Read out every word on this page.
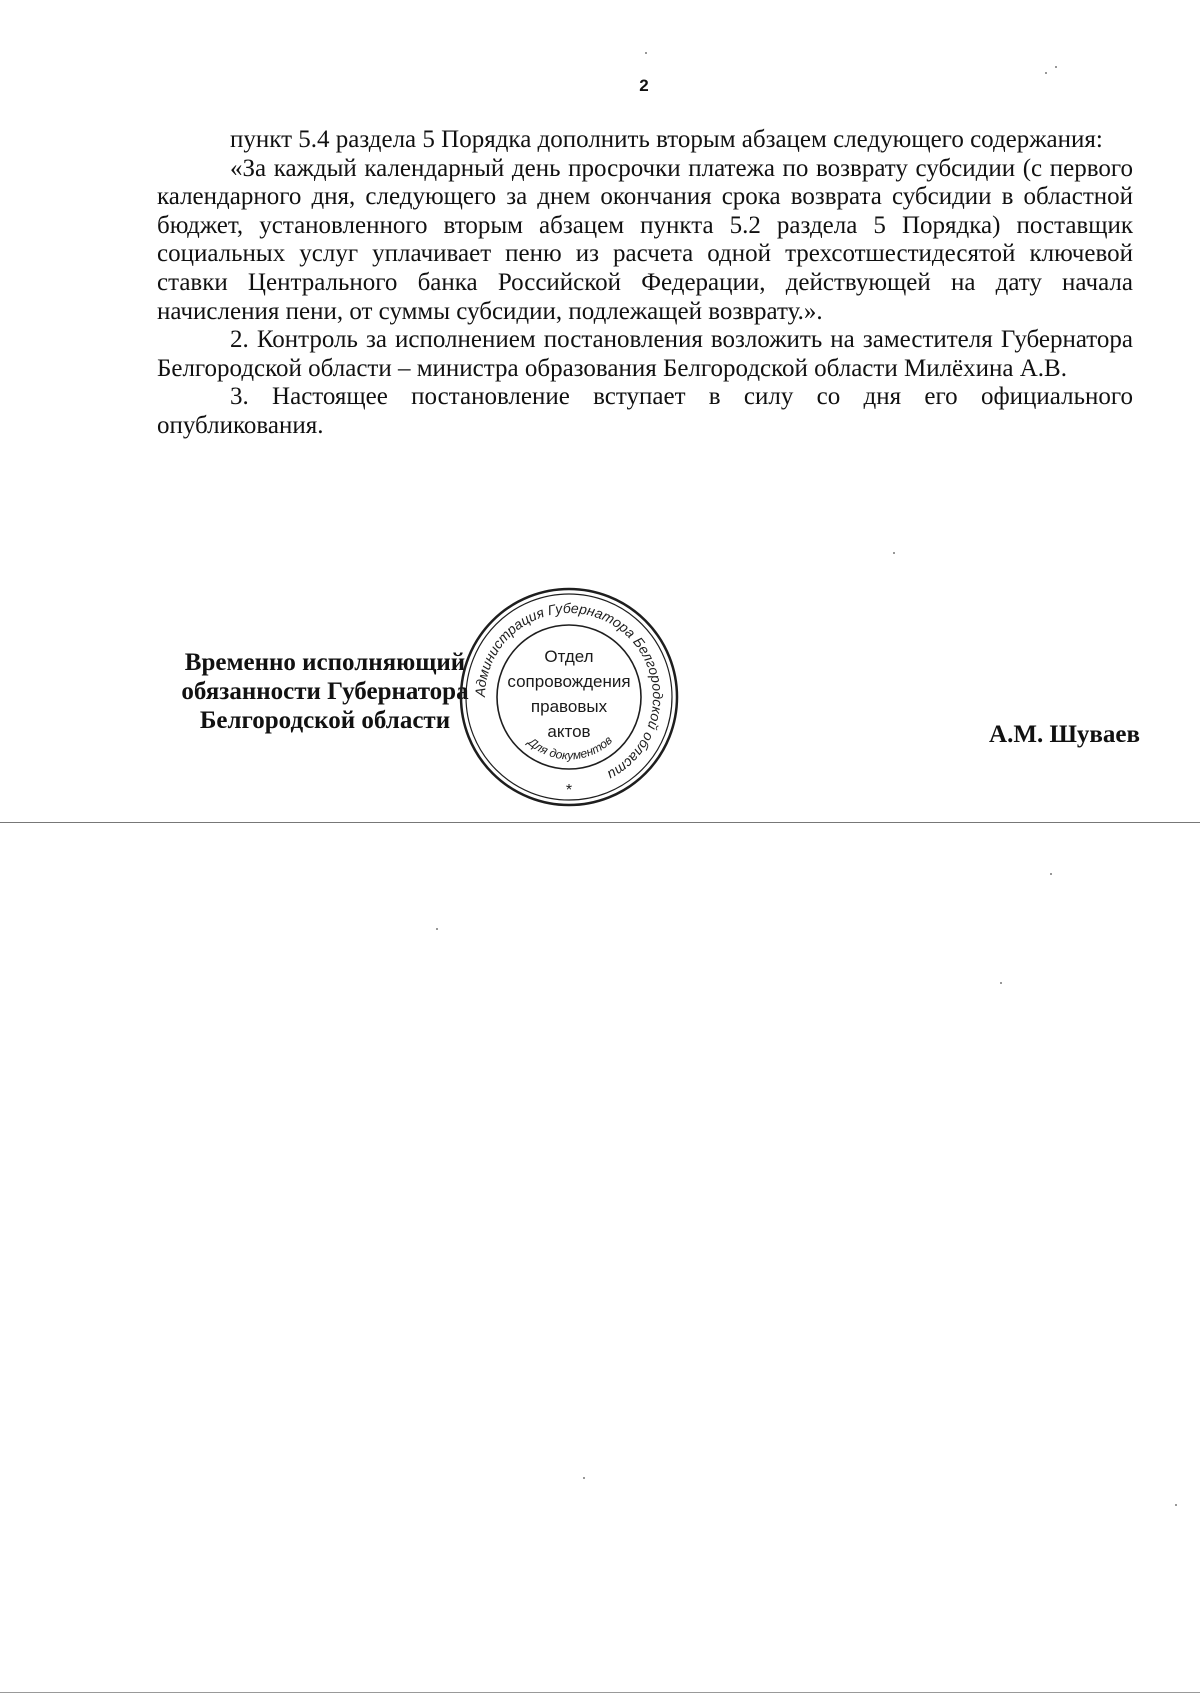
2

пункт 5.4 раздела 5 Порядка дополнить вторым абзацем следующего содержания:

«За каждый календарный день просрочки платежа по возврату субсидии (с первого календарного дня, следующего за днем окончания срока возврата субсидии в областной бюджет, установленного вторым абзацем пункта 5.2 раздела 5 Порядка) поставщик социальных услуг уплачивает пеню из расчета одной трехсотшестидесятой ключевой ставки Центрального банка Российской Федерации, действующей на дату начала начисления пени, от суммы субсидии, подлежащей возврату.».

2. Контроль за исполнением постановления возложить на заместителя Губернатора Белгородской области – министра образования Белгородской области Милёхина А.В.

3. Настоящее постановление вступает в силу со дня его официального опубликования.

Временно исполняющий
обязанности Губернатора
Белгородской области
Администрация Губернатора Белгородской области
Для документов
*
Отдел
сопровождения
правовых
актов	А.М. Шуваев
